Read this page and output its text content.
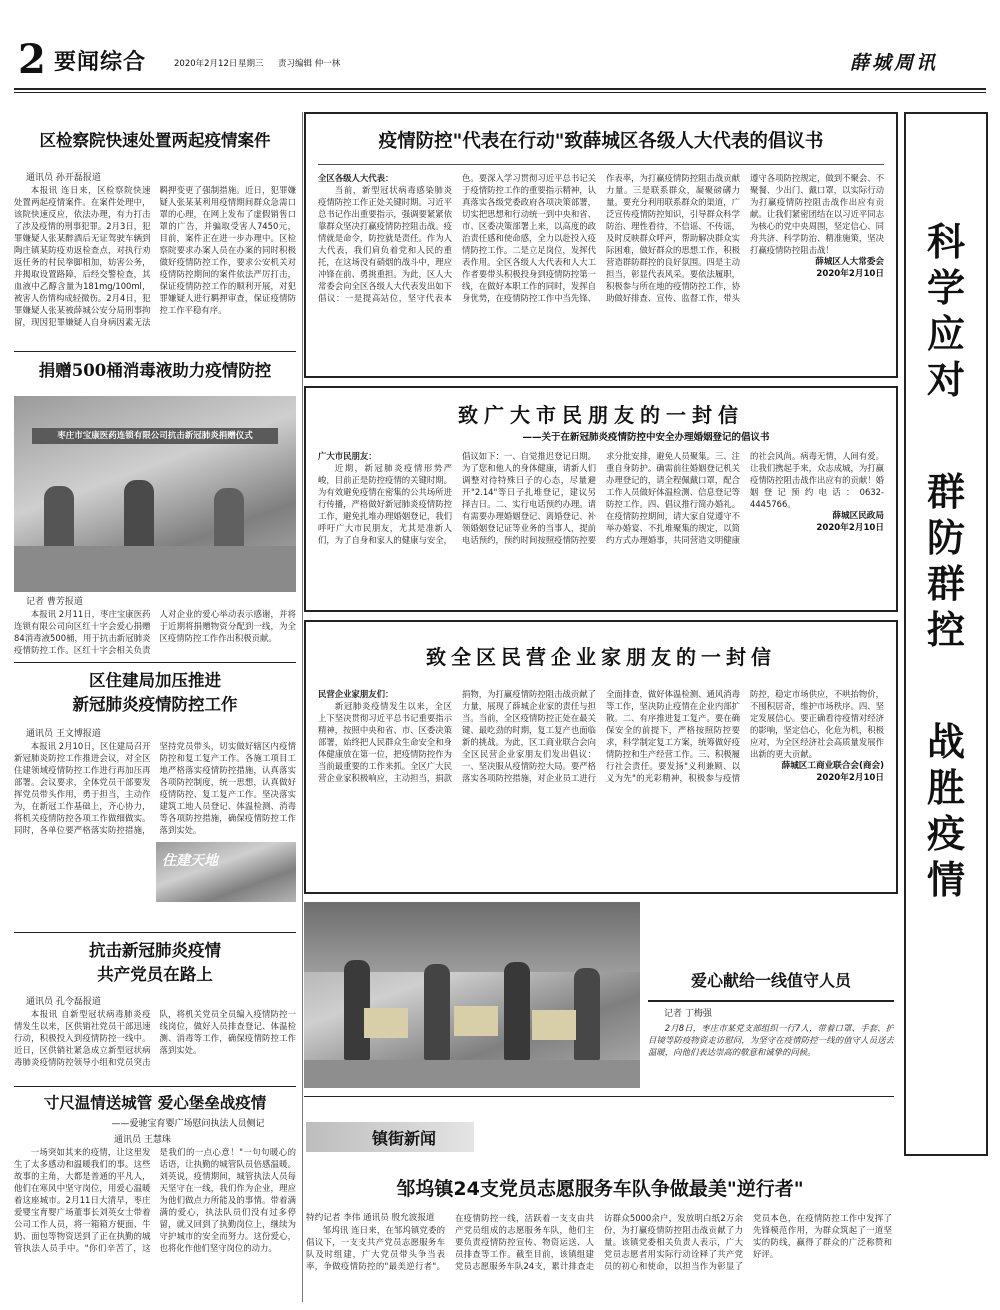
2 要闻综合	2020年2月12日 星期三 责习编辑 仲一林	薛城周讯
科
学
应
对
群
防
群
控
战
胜
疫
情
区检察院快速处置两起疫情案件
通讯员 孙开磊报道
本报讯 连日来，区检察院快速处置两起疫情案件。在案件处理中，该院快速反应，依法办理，有力打击了涉及疫情的刑事犯罪。2月3日，犯罪嫌疑人张某醉酒后无证驾驶车辆到陶庄镇某防疫劝返检查点，对执行劝返任务的村民拳脚相加，妨害公务，并揭取设置路障，后经交警检查，其血液中乙醇含量为181mg/100ml，被害人伤情构成轻微伤。2月4日，犯罪嫌疑人张某被薛城公安分局刑事拘留，现因犯罪嫌疑人自身病因素无法羁押变更了强制措施。近日，犯罪嫌疑人张某某利用疫情期间群众急需口罩的心理，在网上发布了虚假销售口罩的广告，并骗取受害人7450元，目前，案件正在进一步办理中。区检察院要求办案人员在办案的同时积极做好疫情防控工作，要求公安机关对疫情防控期间的案件依法严厉打击，保证疫情防控工作的顺利开展，对犯罪嫌疑人进行羁押审查，保证疫情防控工作平稳有序。
捐赠500桶消毒液助力疫情防控
枣庄市宝康医药连锁有限公司抗击新冠肺炎捐赠仪式
记者 曹芳报道
本报讯 2月11日，枣庄宝康医药连锁有限公司向区红十字会爱心捐赠84消毒液500桶，用于抗击新冠肺炎疫情防控工作。区红十字会相关负责人对企业的爱心举动表示感谢，并将于近期将捐赠物资分配到一线，为全区疫情防控工作作出积极贡献。
区住建局加压推进
新冠肺炎疫情防控工作
通讯员 王文博报道
本报讯 2月10日，区住建局召开新冠肺炎防控工作推进会议，对全区住建领域疫情防控工作进行再加压再部署。会议要求，全体党员干部要发挥党员带头作用，勇于担当，主动作为，在新冠工作基础上，齐心协力，将机关疫情防控各项工作做细做实。同时，各单位要严格落实防控措施，坚持党员带头，切实做好辖区内疫情防控和复工复产工作。各施工项目工地严格落实疫情防控措施，认真落实各项防控制度，统一思想，认真做好疫情防控、复工复产工作。坚决落实建筑工地人员登记、体温检测、消毒等各项防控措施，确保疫情防控工作落到实处。
住建天地
抗击新冠肺炎疫情
共产党员在路上
通讯员 孔令磊报道
本报讯 自新型冠状病毒肺炎疫情发生以来，区供销社党员干部迅速行动，积极投入到疫情防控一线中。近日，区供销社紧急成立新型冠状病毒肺炎疫情防控领导小组和党员突击队，将机关党员全员编入疫情防控一线岗位，做好人员排查登记、体温检测、消毒等工作，确保疫情防控工作落到实处。
寸尺温情送城管 爱心堡垒战疫情
——爱驰宝育婴广场慰问执法人员侧记
通讯员 王慧珠
一场突如其来的疫情，让这里发生了太多感动和温暖我们的事。这些故事的主角，大都是普通的平凡人，他们在寒风中坚守岗位，用爱心温暖着这座城市。2月11日大清早，枣庄爱婴宝育婴广场董事长刘英女士带着公司工作人员，将一箱箱方便面、牛奶、面包等物资送到了正在执勤的城管执法人员手中。"你们辛苦了，这是我们的一点心意！"一句句暖心的话语，让执勤的城管队员倍感温暖。刘英说，疫情期间，城管执法人员每天坚守在一线，我们作为企业，理应为他们做点力所能及的事情。带着满满的爱心，执法队员们没有过多停留，就又回到了执勤岗位上，继续为守护城市的安全而努力。这份爱心，也将化作他们坚守岗位的动力。
疫情防控"代表在行动"致薛城区各级人大代表的倡议书
全区各级人大代表：
当前，新型冠状病毒感染肺炎疫情防控工作正处关键时期。习近平总书记作出重要指示，强调要紧紧依靠群众坚决打赢疫情防控阻击战。疫情就是命令，防控就是责任。作为人大代表，我们肩负着党和人民的重托，在这场没有硝烟的战斗中，理应冲锋在前、勇挑重担。为此，区人大常委会向全区各级人大代表发出如下倡议：一是提高站位，坚守代表本色。要深入学习贯彻习近平总书记关于疫情防控工作的重要指示精神，认真落实各级党委政府各项决策部署，切实把思想和行动统一到中央和省、市、区委决策部署上来，以高度的政治责任感和使命感，全力以赴投入疫情防控工作。二是立足岗位，发挥代表作用。全区各级人大代表和人大工作者要带头积极投身到疫情防控第一线，在做好本职工作的同时，发挥自身优势，在疫情防控工作中当先锋、作表率，为打赢疫情防控阻击战贡献力量。三是联系群众，凝聚磅礴力量。要充分利用联系群众的渠道，广泛宣传疫情防控知识，引导群众科学防治、理性看待，不信谣、不传谣，及时反映群众呼声，帮助解决群众实际困难，做好群众的思想工作，积极营造群防群控的良好氛围。四是主动担当，彰显代表风采。要依法履职，积极参与所在地的疫情防控工作，协助做好排查、宣传、监督工作，带头遵守各项防控规定，做到不聚会、不聚餐、少出门、戴口罩，以实际行动为打赢疫情防控阻击战作出应有贡献。让我们紧密团结在以习近平同志为核心的党中央周围，坚定信心、同舟共济、科学防治、精准施策，坚决打赢疫情防控阻击战！
薛城区人大常委会
2020年2月10日
致广大市民朋友的一封信
——关于在新冠肺炎疫情防控中安全办理婚姻登记的倡议书
广大市民朋友：
近期，新冠肺炎疫情形势严峻，目前正是防控疫情的关键时期。为有效避免疫情在密集的公共场所进行传播，严格做好新冠肺炎疫情防控工作，避免扎堆办理婚姻登记，我们呼吁广大市民朋友，尤其是准新人们，为了自身和家人的健康与安全，倡议如下：一、自觉推迟登记日期。为了您和他人的身体健康，请新人们调整对待特殊日子的心态，尽量避开"2.14"等日子扎堆登记，建议另择吉日。二、实行电话预约办理。请有需要办理婚姻登记、离婚登记、补领婚姻登记证等业务的当事人，提前电话预约，预约时间按照疫情防控要求分批安排，避免人员聚集。三、注重自身防护。确需前往婚姻登记机关办理登记的，请全程佩戴口罩，配合工作人员做好体温检测、信息登记等防控工作。四、倡议推行简办婚礼。在疫情防控期间，请大家自觉遵守不举办婚宴、不扎堆聚集的规定，以简约方式办理婚事，共同营造文明健康的社会风尚。病毒无情，人间有爱。让我们携起手来，众志成城，为打赢疫情防控阻击战作出应有的贡献！婚姻登记预约电话：0632-4445766。
薛城区民政局
2020年2月10日
致全区民营企业家朋友的一封信
民营企业家朋友们：
新冠肺炎疫情发生以来，全区上下坚决贯彻习近平总书记重要指示精神，按照中央和省、市、区委决策部署，始终把人民群众生命安全和身体健康放在第一位，把疫情防控作为当前最重要的工作来抓。全区广大民营企业家积极响应，主动担当，捐款捐物，为打赢疫情防控阻击战贡献了力量，展现了薛城企业家的责任与担当。当前，全区疫情防控正处在最关键、最吃劲的时期，复工复产也面临新的挑战。为此，区工商业联合会向全区民营企业家朋友们发出倡议：一、坚决服从疫情防控大局。要严格落实各项防控措施，对企业员工进行全面排查，做好体温检测、通风消毒等工作，坚决防止疫情在企业内部扩散。二、有序推进复工复产。要在确保安全的前提下，严格按照防控要求，科学制定复工方案，统筹做好疫情防控和生产经营工作。三、积极履行社会责任。要发扬"义利兼顾、以义为先"的光彩精神，积极参与疫情防控，稳定市场供应，不哄抬物价，不囤积居奇，维护市场秩序。四、坚定发展信心。要正确看待疫情对经济的影响，坚定信心，化危为机，积极应对，为全区经济社会高质量发展作出新的更大贡献。
薛城区工商业联合会(商会)
2020年2月10日
爱心献给一线值守人员
记者 丁梅强
2月8日，枣庄市某党支部组织一行7人，带着口罩、手套、护目镜等防疫物资走访慰问，为坚守在疫情防控一线的值守人员送去温暖，向他们表达崇高的敬意和诚挚的问候。
镇街新闻
邹坞镇24支党员志愿服务车队争做最美"逆行者"
特约记者 李伟 通讯员 殷允波报道
邹坞讯 连日来，在邹坞镇党委的倡议下，一支支共产党员志愿服务车队及时组建，广大党员带头争当表率，争做疫情防控的"最美逆行者"。在疫情防控一线，活跃着一支支由共产党员组成的志愿服务车队，他们主要负责疫情防控宣传、物资运送、人员排查等工作。截至目前，该镇组建党员志愿服务车队24支，累计排查走访群众5000余户，发放明白纸2万余份，为打赢疫情防控阻击战贡献了力量。该镇党委相关负责人表示，广大党员志愿者用实际行动诠释了共产党员的初心和使命，以担当作为彰显了党员本色，在疫情防控工作中发挥了先锋模范作用，为群众筑起了一道坚实的防线，赢得了群众的广泛称赞和好评。
